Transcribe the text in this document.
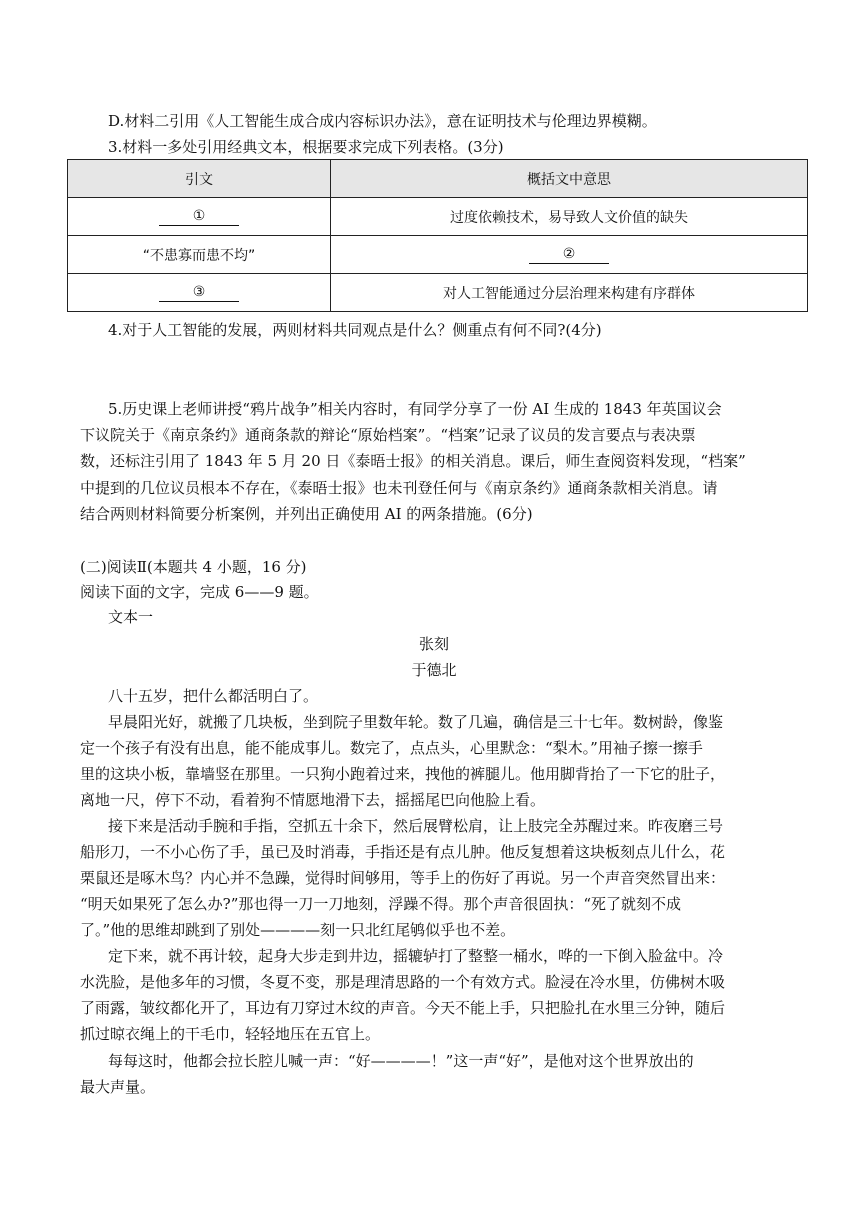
D.材料二引用《人工智能生成合成内容标识办法》，意在证明技术与伦理边界模糊。
3.材料一多处引用经典文本，根据要求完成下列表格。(3分)
引文	概括文中意思
①	过度依赖技术，易导致人文价值的缺失
“不患寡而患不均”	②
③	对人工智能通过分层治理来构建有序群体
4.对于人工智能的发展，两则材料共同观点是什么？侧重点有何不同?(4分)
5.历史课上老师讲授“鸦片战争”相关内容时，有同学分享了一份 AI 生成的 1843 年英国议会
下议院关于《南京条约》通商条款的辩论“原始档案”。“档案”记录了议员的发言要点与表决票
数，还标注引用了 1843 年 5 月 20 日《泰晤士报》的相关消息。课后，师生查阅资料发现，“档案”
中提到的几位议员根本不存在，《泰晤士报》也未刊登任何与《南京条约》通商条款相关消息。请
结合两则材料简要分析案例，并列出正确使用 AI 的两条措施。(6分)
(二)阅读Ⅱ(本题共 4 小题，16 分)
阅读下面的文字，完成 6——9 题。
文本一
张刻
于德北
八十五岁，把什么都活明白了。
早晨阳光好，就搬了几块板，坐到院子里数年轮。数了几遍，确信是三十七年。数树龄，像鉴
定一个孩子有没有出息，能不能成事儿。数完了，点点头，心里默念：“梨木。”用袖子擦一擦手
里的这块小板，靠墙竖在那里。一只狗小跑着过来，拽他的裤腿儿。他用脚背抬了一下它的肚子，
离地一尺，停下不动，看着狗不情愿地滑下去，摇摇尾巴向他脸上看。
接下来是活动手腕和手指，空抓五十余下，然后展臂松肩，让上肢完全苏醒过来。昨夜磨三号
船形刀，一不小心伤了手，虽已及时消毒，手指还是有点儿肿。他反复想着这块板刻点儿什么，花
栗鼠还是啄木鸟？内心并不急躁，觉得时间够用，等手上的伤好了再说。另一个声音突然冒出来：
“明天如果死了怎么办?”那也得一刀一刀地刻，浮躁不得。那个声音很固执：“死了就刻不成
了。”他的思维却跳到了别处————刻一只北红尾鸲似乎也不差。
定下来，就不再计较，起身大步走到井边，摇辘轳打了整整一桶水，哗的一下倒入脸盆中。冷
水洗脸，是他多年的习惯，冬夏不变，那是理清思路的一个有效方式。脸浸在冷水里，仿佛树木吸
了雨露，皱纹都化开了，耳边有刀穿过木纹的声音。今天不能上手，只把脸扎在水里三分钟，随后
抓过晾衣绳上的干毛巾，轻轻地压在五官上。
每每这时，他都会拉长腔儿喊一声：“好————！”这一声“好”，是他对这个世界放出的
最大声量。
